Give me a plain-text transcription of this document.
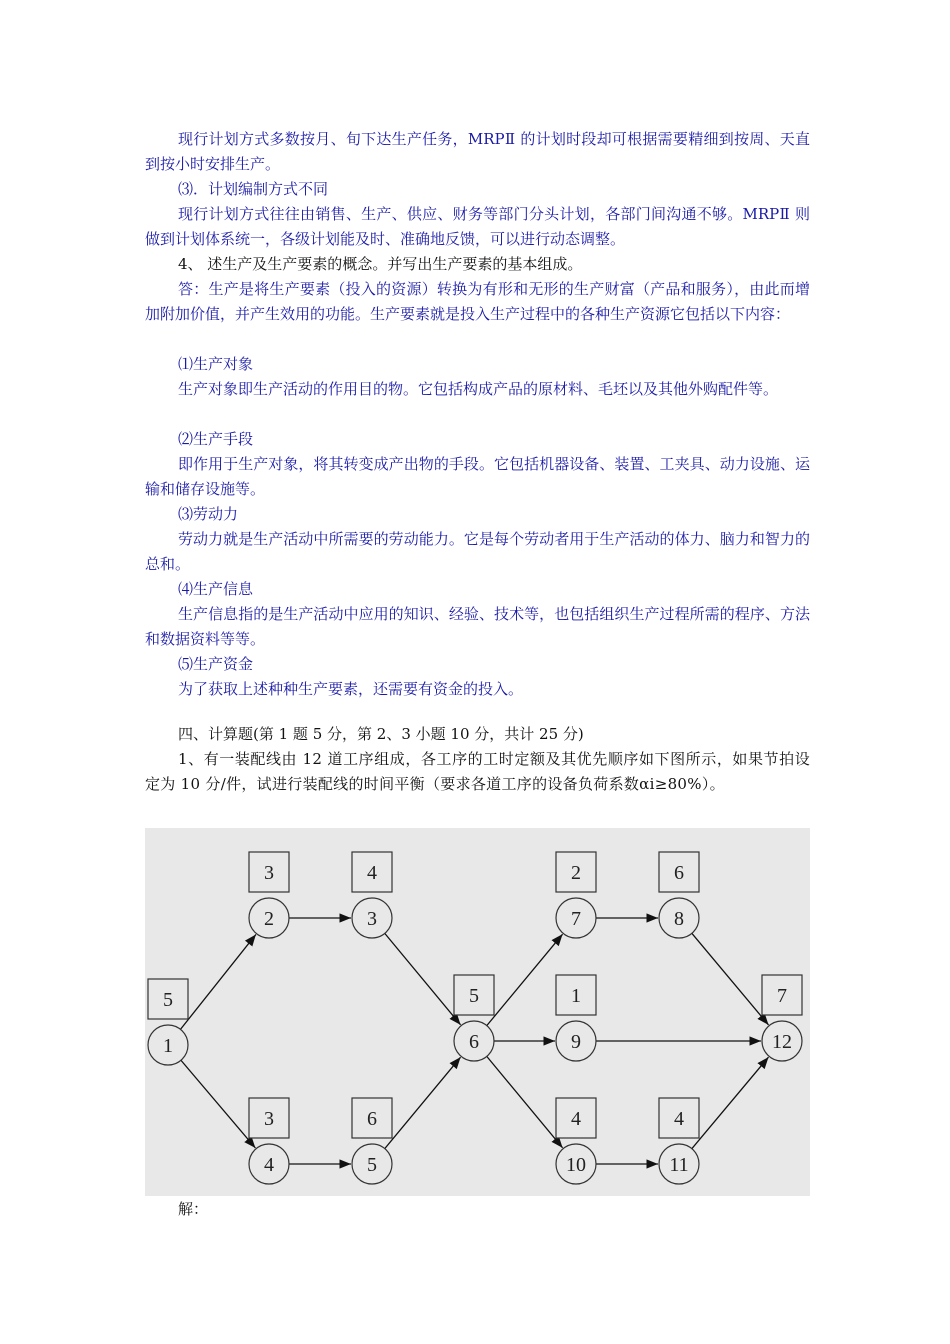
现行计划方式多数按月、旬下达生产任务，MRPⅡ 的计划时段却可根据需要精细到按周、天直到按小时安排生产。

⑶．计划编制方式不同

现行计划方式往往由销售、生产、供应、财务等部门分头计划，各部门间沟通不够。MRPⅡ 则做到计划体系统一，各级计划能及时、准确地反馈，可以进行动态调整。

4、 述生产及生产要素的概念。并写出生产要素的基本组成。

答：生产是将生产要素（投入的资源）转换为有形和无形的生产财富（产品和服务），由此而增加附加价值，并产生效用的功能。生产要素就是投入生产过程中的各种生产资源它包括以下内容：

⑴生产对象

生产对象即生产活动的作用目的物。它包括构成产品的原材料、毛坯以及其他外购配件等。

⑵生产手段

即作用于生产对象，将其转变成产出物的手段。它包括机器设备、装置、工夹具、动力设施、运输和储存设施等。

⑶劳动力

劳动力就是生产活动中所需要的劳动能力。它是每个劳动者用于生产活动的体力、脑力和智力的总和。

⑷生产信息

生产信息指的是生产活动中应用的知识、经验、技术等，也包括组织生产过程所需的程序、方法和数据资料等等。

⑸生产资金

为了获取上述种种生产要素，还需要有资金的投入。

四、计算题(第 1 题 5 分，第 2、3 小题 10 分，共计 25 分)

1、有一装配线由 12 道工序组成，各工序的工时定额及其优先顺序如下图所示，如果节拍设定为 10 分/件，试进行装配线的时间平衡（要求各道工序的设备负荷系数αi≥80%）。

5
1
3
2
4
3
3
4
6
5
5
6
2
7
6
8
1
9
4
10
4
11
7
12

解：
